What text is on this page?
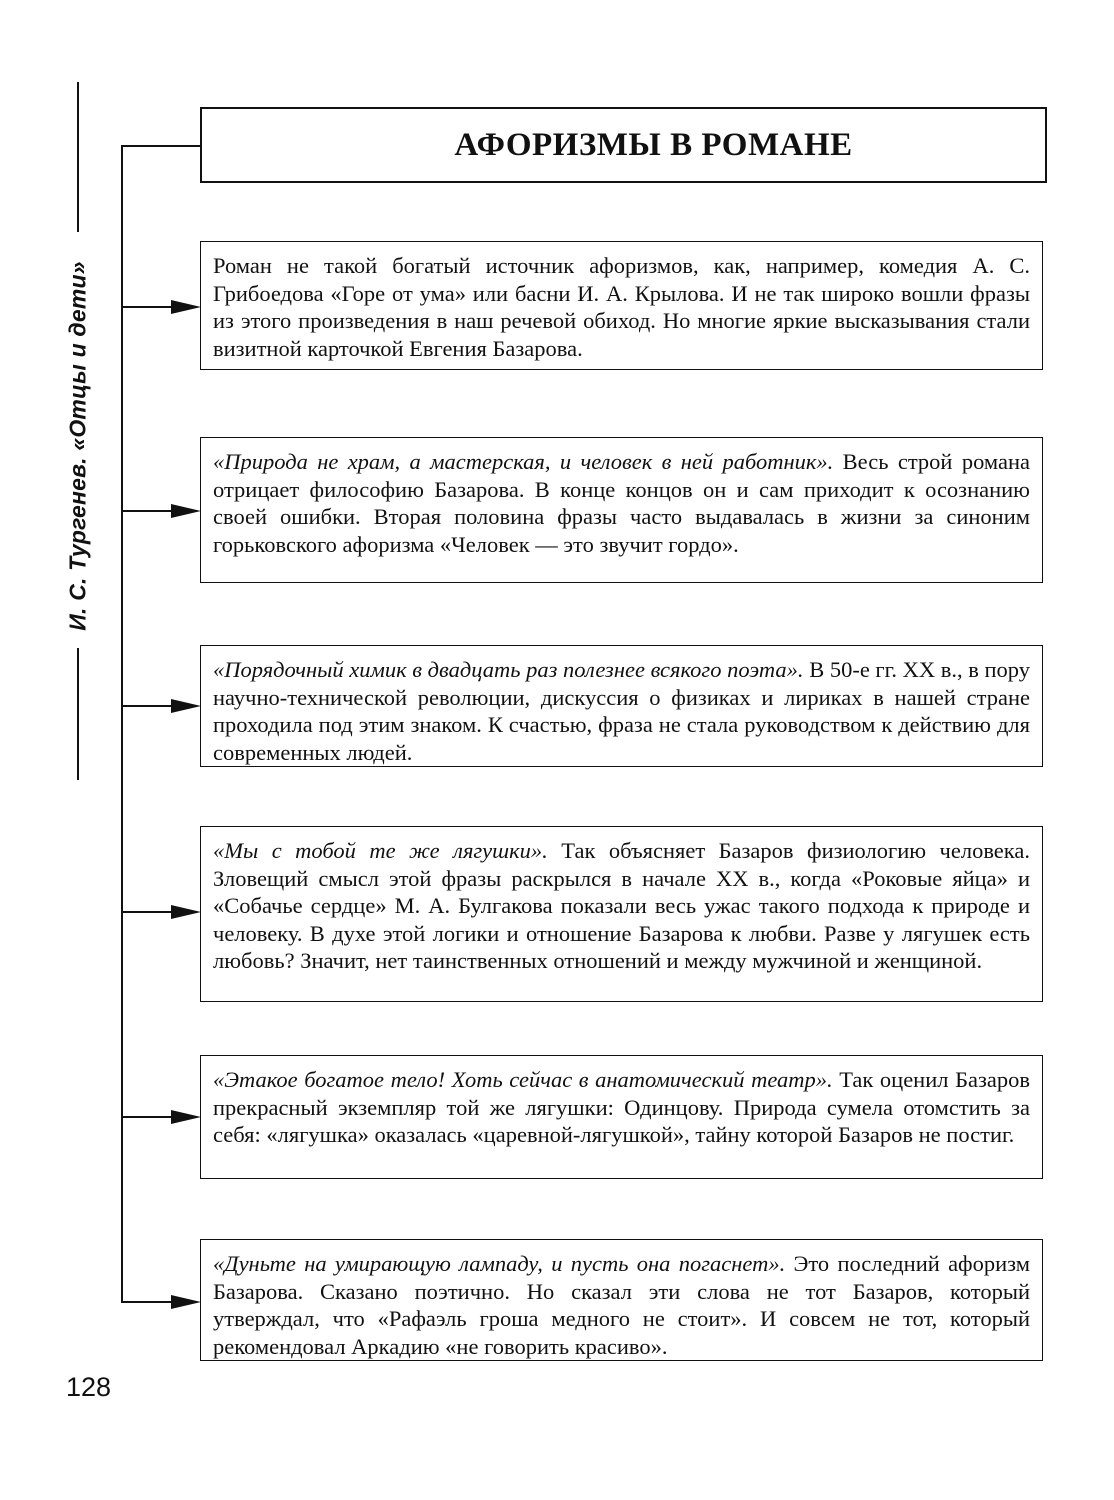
И. С. Тургенев. «Отцы и дети»
АФОРИЗМЫ В РОМАНЕ

Роман не такой богатый источник афоризмов, как, например, комедия А. С. Грибоедова «Горе от ума» или басни И. А. Крылова. И не так широко вошли фразы из этого произведения в наш речевой обиход. Но многие яркие высказывания стали визитной карточкой Евгения Базарова.

«Природа не храм, а мастерская, и человек в ней работник». Весь строй романа отрицает философию Базарова. В конце концов он и сам приходит к осознанию своей ошибки. Вторая половина фразы часто выдавалась в жизни за синоним горьковского афоризма «Человек — это звучит гордо».

«Порядочный химик в двадцать раз полезнее всякого поэта». В 50-е гг. XX в., в пору научно-технической революции, дискуссия о физиках и лириках в нашей стране проходила под этим знаком. К счастью, фраза не стала руководством к действию для современных людей.

«Мы с тобой те же лягушки». Так объясняет Базаров физиологию человека. Зловещий смысл этой фразы раскрылся в начале XX в., когда «Роковые яйца» и «Собачье сердце» М. А. Булгакова показали весь ужас такого подхода к природе и человеку. В духе этой логики и отношение Базарова к любви. Разве у лягушек есть любовь? Значит, нет таинственных отношений и между мужчиной и женщиной.

«Этакое богатое тело! Хоть сейчас в анатомический театр». Так оценил Базаров прекрасный экземпляр той же лягушки: Одинцову. Природа сумела отомстить за себя: «лягушка» оказалась «царевной-лягушкой», тайну которой Базаров не постиг.

«Дуньте на умирающую лампаду, и пусть она погаснет». Это последний афоризм Базарова. Сказано поэтично. Но сказал эти слова не тот Базаров, который утверждал, что «Рафаэль гроша медного не стоит». И совсем не тот, который рекомендовал Аркадию «не говорить красиво».

128
